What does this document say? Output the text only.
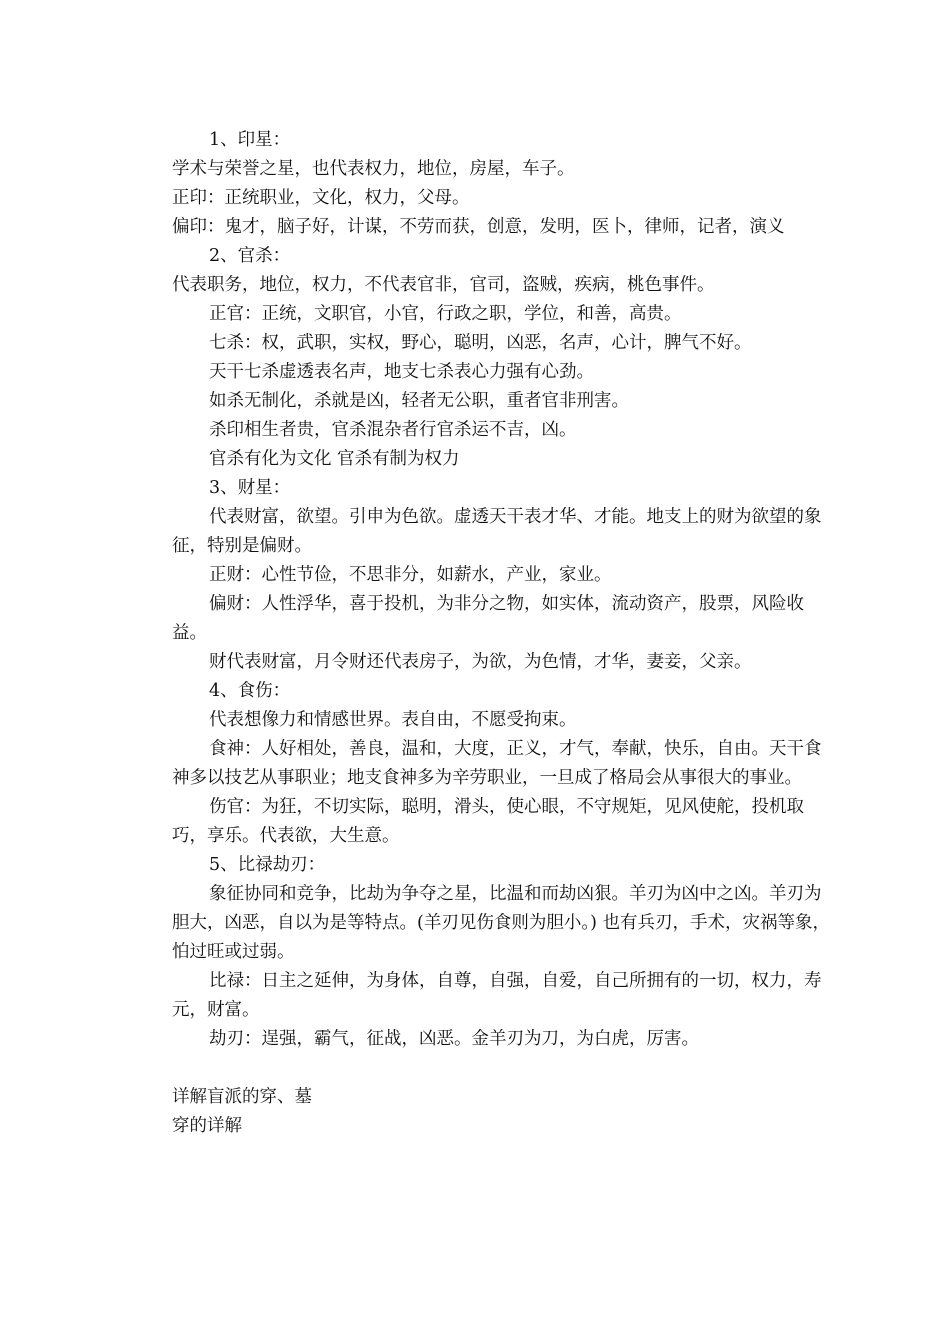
1、印星：

学术与荣誉之星，也代表权力，地位，房屋，车子。

正印：正统职业，文化，权力，父母。

偏印：鬼才，脑子好，计谋，不劳而获，创意，发明，医卜，律师，记者，演义

2、官杀：

代表职务，地位，权力，不代表官非，官司，盗贼，疾病，桃色事件。

正官：正统，文职官，小官，行政之职，学位，和善，高贵。

七杀：权，武职，实权，野心，聪明，凶恶，名声，心计，脾气不好。

天干七杀虚透表名声，地支七杀表心力强有心劲。

如杀无制化，杀就是凶，轻者无公职，重者官非刑害。

杀印相生者贵，官杀混杂者行官杀运不吉，凶。

官杀有化为文化 官杀有制为权力

3、财星：

代表财富，欲望。引申为色欲。虚透天干表才华、才能。地支上的财为欲望的象征，特别是偏财。

正财：心性节俭，不思非分，如薪水，产业，家业。

偏财：人性浮华，喜于投机，为非分之物，如实体，流动资产，股票，风险收益。

财代表财富，月令财还代表房子，为欲，为色情，才华，妻妾，父亲。

4、食伤：

代表想像力和情感世界。表自由，不愿受拘束。

食神：人好相处，善良，温和，大度，正义，才气，奉献，快乐，自由。天干食神多以技艺从事职业；地支食神多为辛劳职业，一旦成了格局会从事很大的事业。

伤官：为狂，不切实际，聪明，滑头，使心眼，不守规矩，见风使舵，投机取巧，享乐。代表欲，大生意。

5、比禄劫刃：

象征协同和竞争，比劫为争夺之星，比温和而劫凶狠。羊刃为凶中之凶。羊刃为胆大，凶恶，自以为是等特点。(羊刃见伤食则为胆小。) 也有兵刃，手术，灾祸等象，怕过旺或过弱。

比禄：日主之延伸，为身体，自尊，自强，自爱，自己所拥有的一切，权力，寿元，财富。

劫刃：逞强，霸气，征战，凶恶。金羊刃为刀，为白虎，厉害。

详解盲派的穿、墓

穿的详解
